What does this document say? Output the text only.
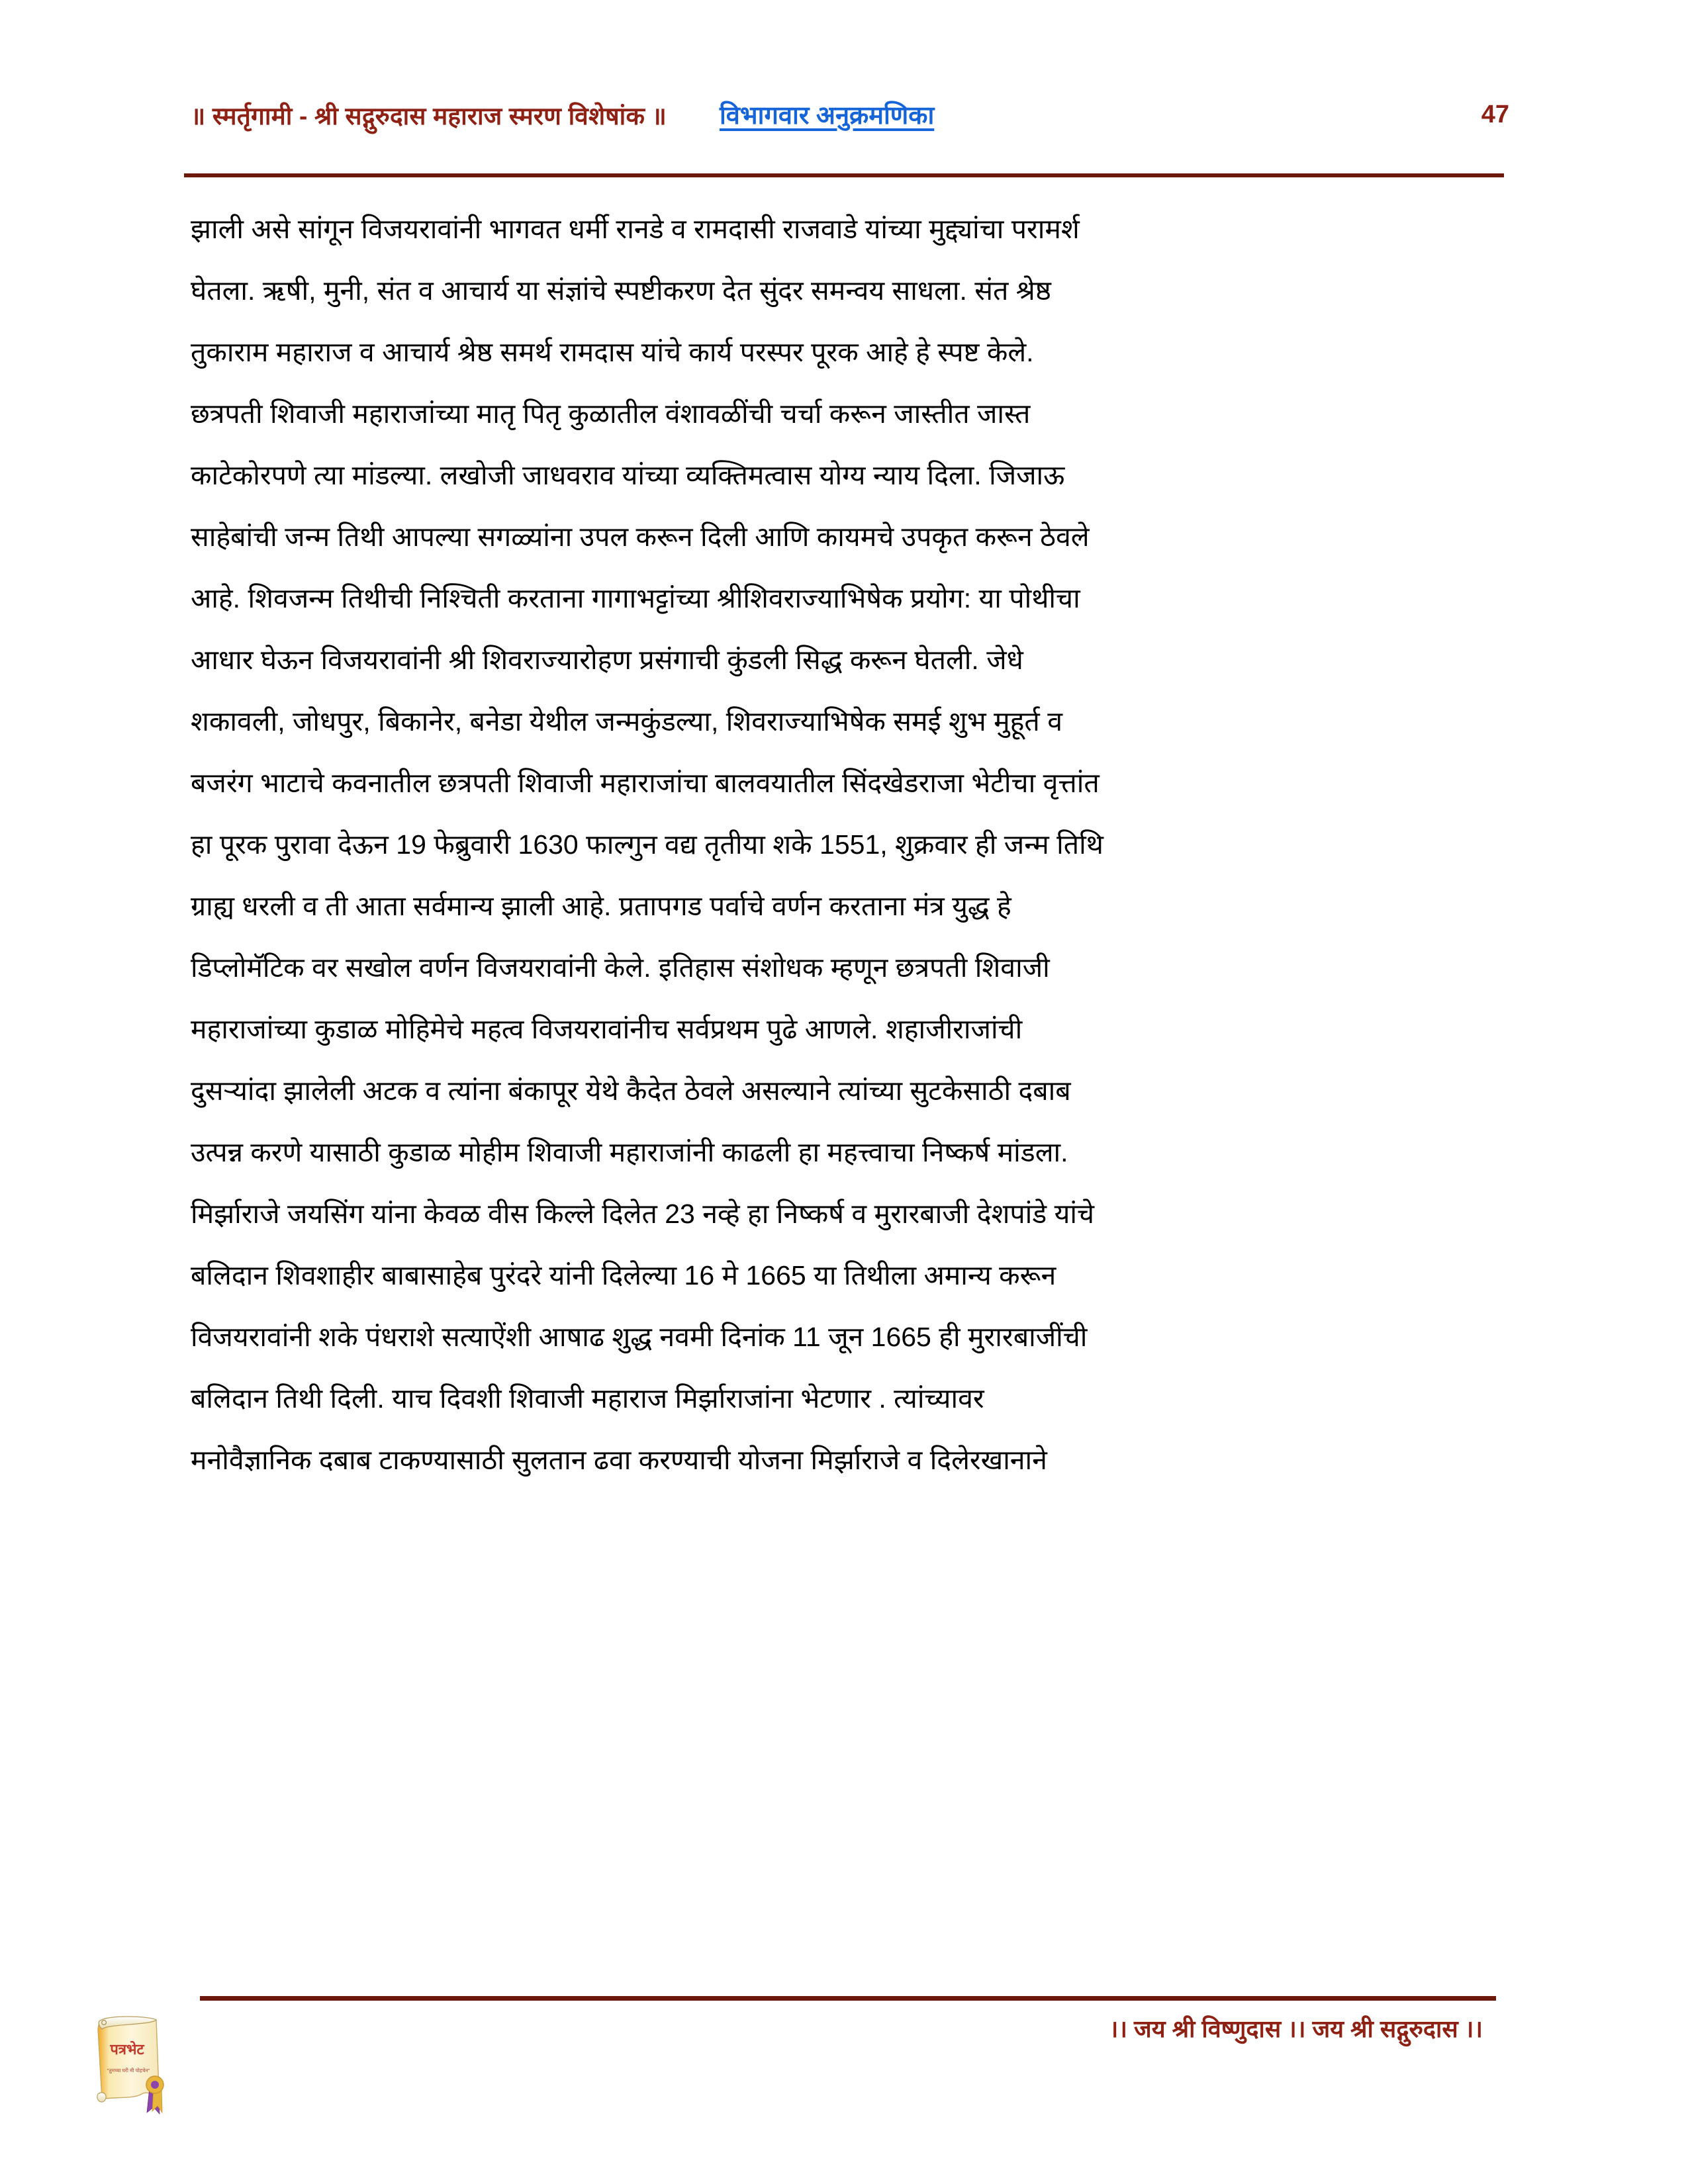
॥ स्मर्तृगामी - श्री सद्गुरुदास महाराज स्मरण विशेषांक ॥ विभागवार अनुक्रमणिका	47
झाली असे सांगून विजयरावांनी भागवत धर्मी रानडे व रामदासी राजवाडे यांच्या मुद्द्यांचा परामर्श
घेतला. ऋषी, मुनी, संत व आचार्य या संज्ञांचे स्पष्टीकरण देत सुंदर समन्वय साधला. संत श्रेष्ठ
तुकाराम महाराज व आचार्य श्रेष्ठ समर्थ रामदास यांचे कार्य परस्पर पूरक आहे हे स्पष्ट केले.
छत्रपती शिवाजी महाराजांच्या मातृ पितृ कुळातील वंशावळींची चर्चा करून जास्तीत जास्त
काटेकोरपणे त्या मांडल्या. लखोजी जाधवराव यांच्या व्यक्तिमत्वास योग्य न्याय दिला. जिजाऊ
साहेबांची जन्म तिथी आपल्या सगळ्यांना उपल करून दिली आणि कायमचे उपकृत करून ठेवले
आहे. शिवजन्म तिथीची निश्चिती करताना गागाभट्टांच्या श्रीशिवराज्याभिषेक प्रयोग: या पोथीचा
आधार घेऊन विजयरावांनी श्री शिवराज्यारोहण प्रसंगाची कुंडली सिद्ध करून घेतली. जेधे
शकावली, जोधपुर, बिकानेर, बनेडा येथील जन्मकुंडल्या, शिवराज्याभिषेक समई शुभ मुहूर्त व
बजरंग भाटाचे कवनातील छत्रपती शिवाजी महाराजांचा बालवयातील सिंदखेडराजा भेटीचा वृत्तांत
हा पूरक पुरावा देऊन 19 फेब्रुवारी 1630 फाल्गुन वद्य तृतीया शके 1551, शुक्रवार ही जन्म तिथि
ग्राह्य धरली व ती आता सर्वमान्य झाली आहे. प्रतापगड पर्वाचे वर्णन करताना मंत्र युद्ध हे
डिप्लोमॅटिक वर सखोल वर्णन विजयरावांनी केले. इतिहास संशोधक म्हणून छत्रपती शिवाजी
महाराजांच्या कुडाळ मोहिमेचे महत्व विजयरावांनीच सर्वप्रथम पुढे आणले. शहाजीराजांची
दुसऱ्यांदा झालेली अटक व त्यांना बंकापूर येथे कैदेत ठेवले असल्याने त्यांच्या सुटकेसाठी दबाब
उत्पन्न करणे यासाठी कुडाळ मोहीम शिवाजी महाराजांनी काढली हा महत्त्वाचा निष्कर्ष मांडला.
मिर्झाराजे जयसिंग यांना केवळ वीस किल्ले दिलेत 23 नव्हे हा निष्कर्ष व मुरारबाजी देशपांडे यांचे
बलिदान शिवशाहीर बाबासाहेब पुरंदरे यांनी दिलेल्या 16 मे 1665 या तिथीला अमान्य करून
विजयरावांनी शके पंधराशे सत्याऐंशी आषाढ शुद्ध नवमी दिनांक 11 जून 1665 ही मुरारबाजींची
बलिदान तिथी दिली. याच दिवशी शिवाजी महाराज मिर्झाराजांना भेटणार . त्यांच्यावर
मनोवैज्ञानिक दबाब टाकण्यासाठी सुलतान ढवा करण्याची योजना मिर्झाराजे व दिलेरखानाने
।। जय श्री विष्णुदास ।। जय श्री सद्गुरुदास ।।
पत्रभेट
"तुमच्या घरी मी पोहचेन"
